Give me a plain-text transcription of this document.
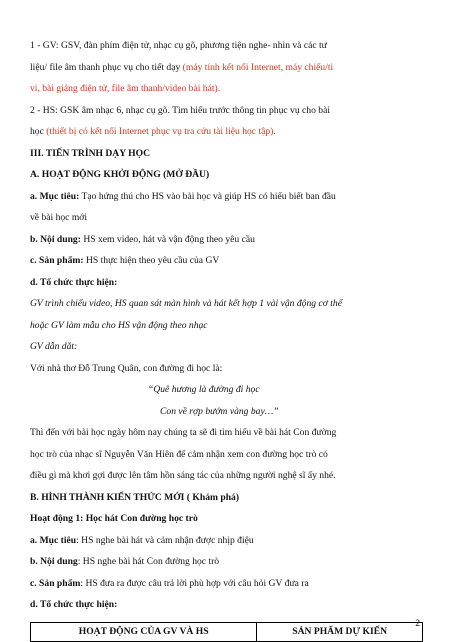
1 - GV: GSV, đàn phím điện tử, nhạc cụ gõ, phương tiện nghe- nhìn và các tư
liệu/ file âm thanh phục vụ cho tiết dạy (máy tính kết nối Internet, máy chiếu/ti
vi, bài giảng điện tử, file âm thanh/video bài hát).
2 - HS: GSK âm nhạc 6, nhạc cụ gõ. Tìm hiểu trước thông tin phục vụ cho bài
học (thiết bị có kết nối Internet phục vụ tra cứu tài liệu học tập).
III. TIẾN TRÌNH DẠY HỌC
A. HOẠT ĐỘNG KHỞI ĐỘNG (MỞ ĐẦU)
a. Mục tiêu: Tạo hứng thú cho HS vào bài học và giúp HS có hiểu biết ban đầu
về bài học mới
b. Nội dung: HS xem video, hát và vận động theo yêu cầu
c. Sản phẩm: HS thực hiện theo yêu cầu của GV
d. Tổ chức thực hiện:
GV trình chiếu video, HS quan sát màn hình và hát kết hợp 1 vài vận động cơ thể
hoặc GV làm mẫu cho HS vận động theo nhạc
GV dẫn dắt:
Với nhà thơ Đỗ Trung Quân, con đường đi học là:
“Quê hương là đường đi học
Con về rợp bướm vàng bay…”
Thì đến với bài học ngày hôm nay chúng ta sẽ đi tìm hiểu về bài hát Con đường
học trò của nhạc sĩ Nguyễn Văn Hiên để cảm nhận xem con đường học trò có
điều gì mà khơi gợi được lên tâm hồn sáng tác của những người nghệ sĩ ấy nhé.
B. HÌNH THÀNH KIẾN THỨC MỚI ( Khám phá)
Hoạt động 1: Học hát Con đường học trò
a. Mục tiêu: HS nghe bài hát và cảm nhận được nhịp điệu
b. Nội dung: HS nghe bài hát Con đường học trò
c. Sản phẩm: HS đưa ra được câu trả lời phù hợp với câu hỏi GV đưa ra
d. Tổ chức thực hiện:
HOẠT ĐỘNG CỦA GV VÀ HS	SẢN PHẨM DỰ KIẾN
2
